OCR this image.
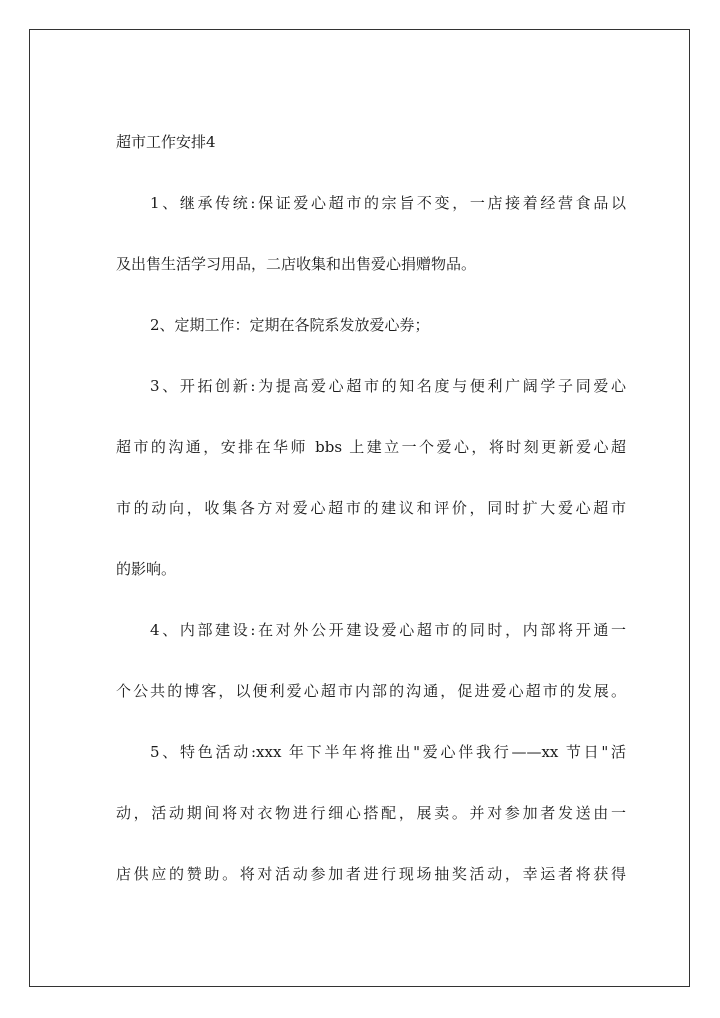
超市工作安排4

1、继承传统:保证爱心超市的宗旨不变，一店接着经营食品以
及出售生活学习用品，二店收集和出售爱心捐赠物品。

2、定期工作：定期在各院系发放爱心券；

3、开拓创新:为提高爱心超市的知名度与便利广阔学子同爱心
超市的沟通，安排在华师 bbs 上建立一个爱心，将时刻更新爱心超
市的动向，收集各方对爱心超市的建议和评价，同时扩大爱心超市
的影响。

4、内部建设:在对外公开建设爱心超市的同时，内部将开通一
个公共的博客，以便利爱心超市内部的沟通，促进爱心超市的发展。

5、特色活动:xxx 年下半年将推出"爱心伴我行——xx 节日"活
动，活动期间将对衣物进行细心搭配，展卖。并对参加者发送由一
店供应的赞助。将对活动参加者进行现场抽奖活动，幸运者将获得
